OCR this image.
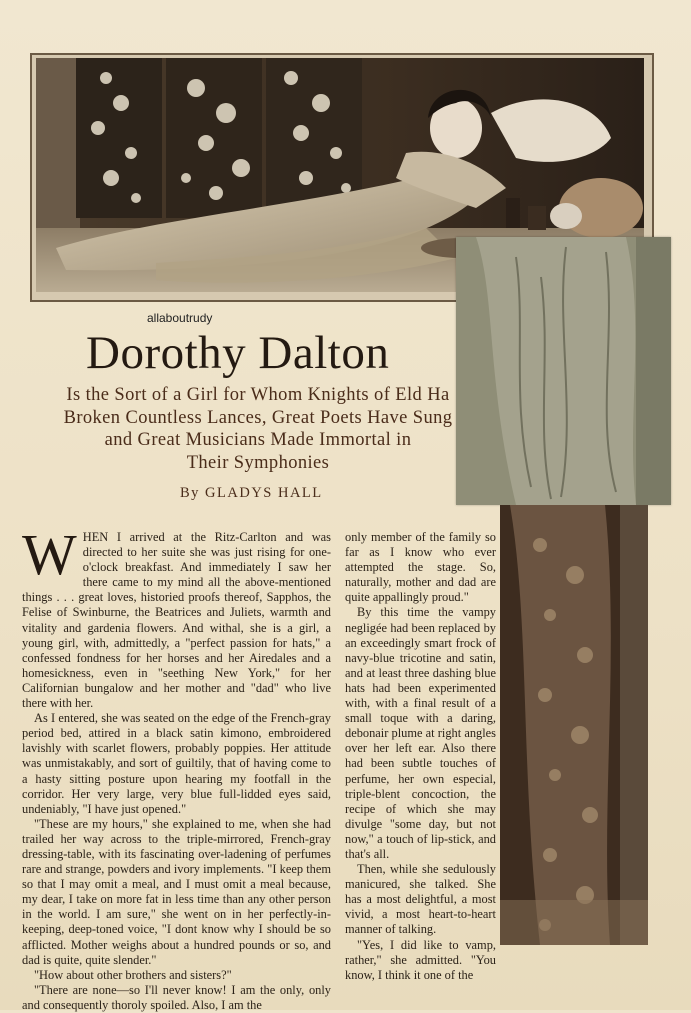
allaboutrudy
Dorothy Dalton
Is the Sort of a Girl for Whom Knights of Eld Ha
Broken Countless Lances, Great Poets Have Sung
and Great Musicians Made Immortal in
Their Symphonies
By GLADYS HALL
W HEN I arrived at the Ritz-Carlton and was directed to her suite she was just rising for one-o'clock breakfast. And immediately I saw her there came to my mind all the above-mentioned things . . . great loves, historied proofs thereof, Sapphos, the Felise of Swinburne, the Beatrices and Juliets, warmth and vitality and gardenia flowers. And withal, she is a girl, a young girl, with, admittedly, a "perfect passion for hats," a confessed fondness for her horses and her Airedales and a homesickness, even in "seething New York," for her Californian bungalow and her mother and "dad" who live there with her.

As I entered, she was seated on the edge of the French-gray period bed, attired in a black satin kimono, embroidered lavishly with scarlet flowers, probably poppies. Her attitude was unmistakably, and sort of guiltily, that of having come to a hasty sitting posture upon hearing my footfall in the corridor. Her very large, very blue full-lidded eyes said, undeniably, "I have just opened."

"These are my hours," she explained to me, when she had trailed her way across to the triple-mirrored, French-gray dressing-table, with its fascinating over-ladening of perfumes rare and strange, powders and ivory implements. "I keep them so that I may omit a meal, and I must omit a meal because, my dear, I take on more fat in less time than any other person in the world. I am sure," she went on in her perfectly-in-keeping, deep-toned voice, "I dont know why I should be so afflicted. Mother weighs about a hundred pounds or so, and dad is quite, quite slender."

"How about other brothers and sisters?"

"There are none—so I'll never know! I am the only, only and consequently thoroly spoiled. Also, I am the

only member of the family so far as I know who ever attempted the stage. So, naturally, mother and dad are quite appallingly proud."

By this time the vampy negligée had been replaced by an exceedingly smart frock of navy-blue tricotine and satin, and at least three dashing blue hats had been experimented with, with a final result of a small toque with a daring, debonair plume at right angles over her left ear. Also there had been subtle touches of perfume, her own especial, triple-blent concoction, the recipe of which she may divulge "some day, but not now," a touch of lip-stick, and that's all.

Then, while she sedulously manicured, she talked. She has a most delightful, a most vivid, a most heart-to-heart manner of talking.

"Yes, I did like to vamp, rather," she admitted. "You know, I think it one of the
